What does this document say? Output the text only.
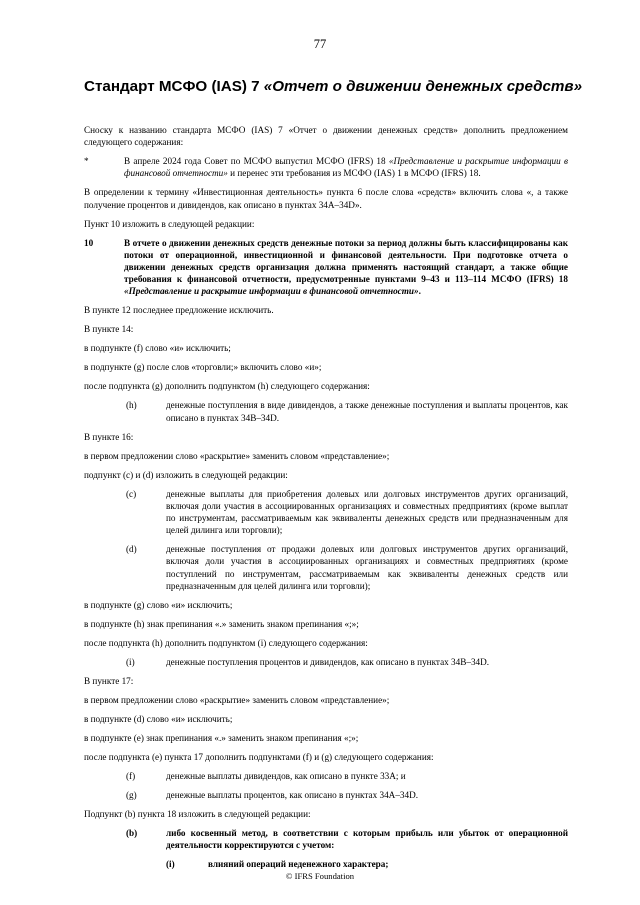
77
Стандарт МСФО (IAS) 7 «Отчет о движении денежных средств»

Сноску к названию стандарта МСФО (IAS) 7 «Отчет о движении денежных средств» дополнить предложением следующего содержания:

*	В апреле 2024 года Совет по МСФО выпустил МСФО (IFRS) 18 «Представление и раскрытие информации в финансовой отчетности» и перенес эти требования из МСФО (IAS) 1 в МСФО (IFRS) 18.

В определении к термину «Инвестиционная деятельность» пункта 6 после слова «средств» включить слова «, а также получение процентов и дивидендов, как описано в пунктах 34А–34D».

Пункт 10 изложить в следующей редакции:

10	В отчете о движении денежных средств денежные потоки за период должны быть классифицированы как потоки от операционной, инвестиционной и финансовой деятельности. При подготовке отчета о движении денежных средств организация должна применять настоящий стандарт, а также общие требования к финансовой отчетности, предусмотренные пунктами 9–43 и 113–114 МСФО (IFRS) 18 «Представление и раскрытие информации в финансовой отчетности».

В пункте 12 последнее предложение исключить.

В пункте 14:

в подпункте (f) слово «и» исключить;

в подпункте (g) после слов «торговли;» включить слово «и»;

после подпункта (g) дополнить подпунктом (h) следующего содержания:

(h)	денежные поступления в виде дивидендов, а также денежные поступления и выплаты процентов, как описано в пунктах 34B–34D.

В пункте 16:

в первом предложении слово «раскрытие» заменить словом «представление»;

подпункт (c) и (d) изложить в следующей редакции:

(c)	денежные выплаты для приобретения долевых или долговых инструментов других организаций, включая доли участия в ассоциированных организациях и совместных предприятиях (кроме выплат по инструментам, рассматриваемым как эквиваленты денежных средств или предназначенным для целей дилинга или торговли);
(d)	денежные поступления от продажи долевых или долговых инструментов других организаций, включая доли участия в ассоциированных организациях и совместных предприятиях (кроме поступлений по инструментам, рассматриваемым как эквиваленты денежных средств или предназначенным для целей дилинга или торговли);

в подпункте (g) слово «и» исключить;

в подпункте (h) знак препинания «.» заменить знаком препинания «;»;

после подпункта (h) дополнить подпунктом (i) следующего содержания:

(i)	денежные поступления процентов и дивидендов, как описано в пунктах 34B–34D.

В пункте 17:

в первом предложении слово «раскрытие» заменить словом «представление»;

в подпункте (d) слово «и» исключить;

в подпункте (e) знак препинания «.» заменить знаком препинания «;»;

после подпункта (e) пункта 17 дополнить подпунктами (f) и (g) следующего содержания:

(f)	денежные выплаты дивидендов, как описано в пункте 33А; и
(g)	денежные выплаты процентов, как описано в пунктах 34А–34D.

Подпункт (b) пункта 18 изложить в следующей редакции:

(b)	либо косвенный метод, в соответствии с которым прибыль или убыток от операционной деятельности корректируются с учетом:
(i)	влияний операций неденежного характера;
© IFRS Foundation
